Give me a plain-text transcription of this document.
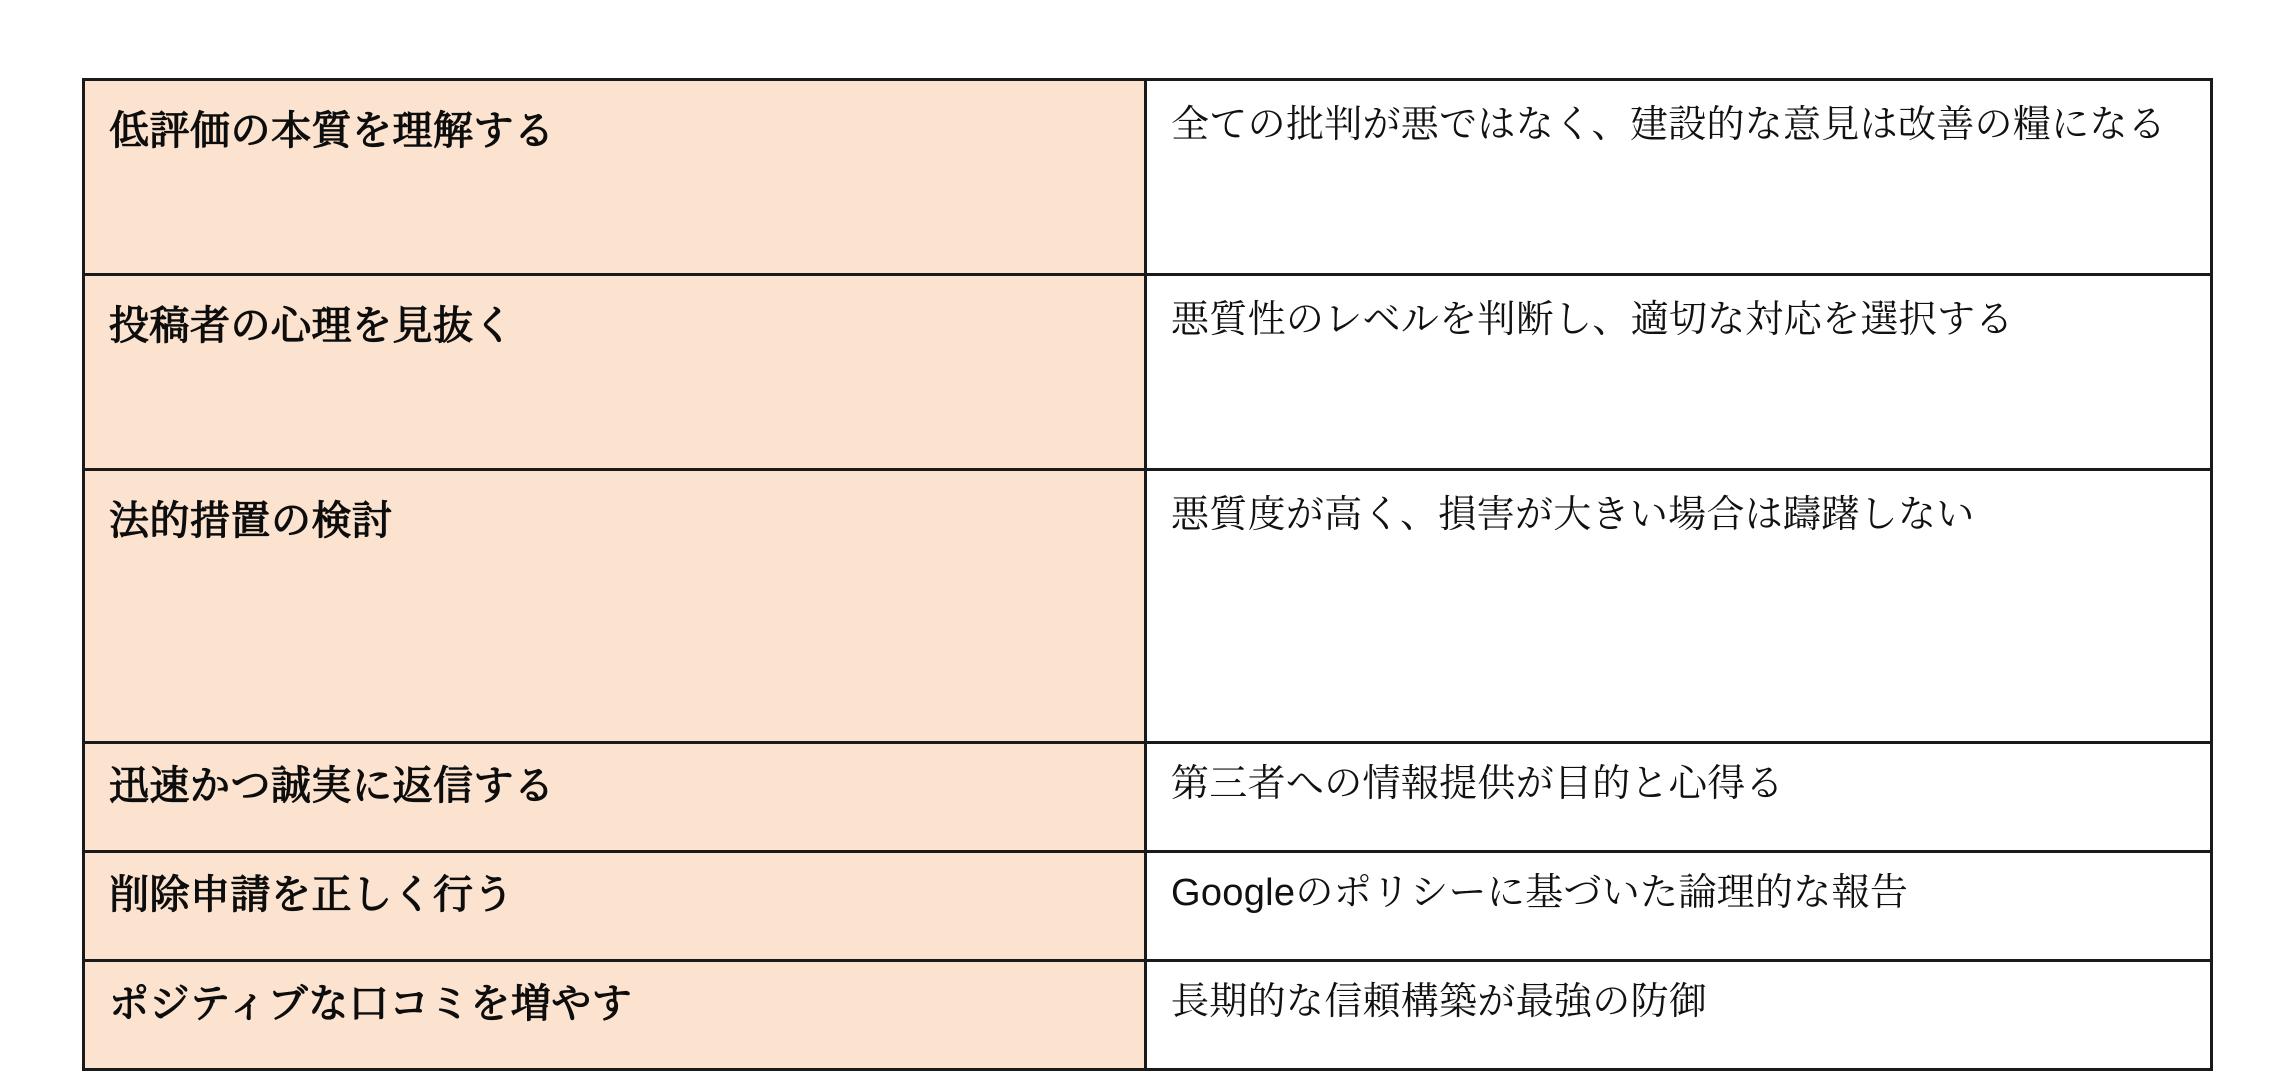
低評価の本質を理解する	全ての批判が悪ではなく、建設的な意見は改善の糧になる
投稿者の心理を見抜く	悪質性のレベルを判断し、適切な対応を選択する
法的措置の検討	悪質度が高く、損害が大きい場合は躊躇しない
迅速かつ誠実に返信する	第三者への情報提供が目的と心得る
削除申請を正しく行う	Googleのポリシーに基づいた論理的な報告
ポジティブな口コミを増やす	長期的な信頼構築が最強の防御
